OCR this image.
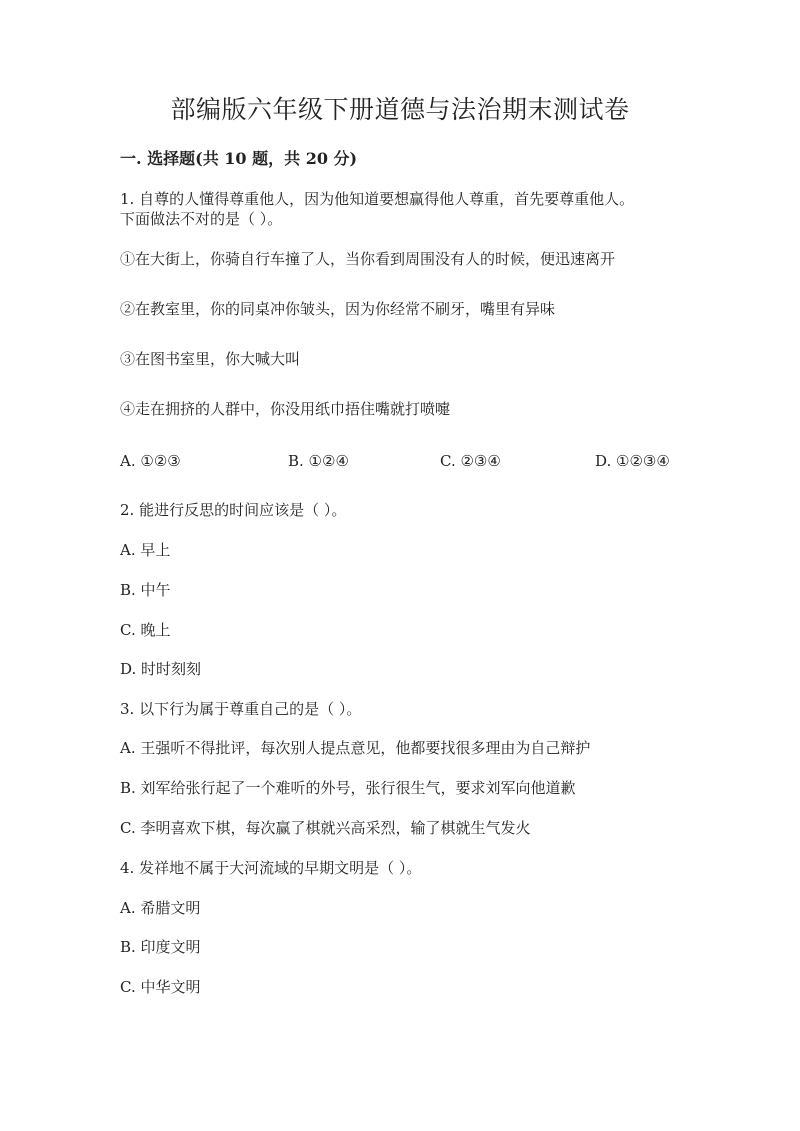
部编版六年级下册道德与法治期末测试卷
一. 选择题(共 10 题，共 20 分)
1. 自尊的人懂得尊重他人，因为他知道要想赢得他人尊重，首先要尊重他人。
下面做法不对的是（ ）。
①在大街上，你骑自行车撞了人，当你看到周围没有人的时候，便迅速离开
②在教室里，你的同桌冲你皱头，因为你经常不刷牙，嘴里有异味
③在图书室里，你大喊大叫
④走在拥挤的人群中，你没用纸巾捂住嘴就打喷嚏
A. ①②③	B. ①②④	C. ②③④	D. ①②③④
2. 能进行反思的时间应该是（ ）。
A. 早上
B. 中午
C. 晚上
D. 时时刻刻
3. 以下行为属于尊重自己的是（ ）。
A. 王强听不得批评，每次别人提点意见，他都要找很多理由为自己辩护
B. 刘军给张行起了一个难听的外号，张行很生气，要求刘军向他道歉
C. 李明喜欢下棋，每次赢了棋就兴高采烈，输了棋就生气发火
4. 发祥地不属于大河流域的早期文明是（ ）。
A. 希腊文明
B. 印度文明
C. 中华文明
